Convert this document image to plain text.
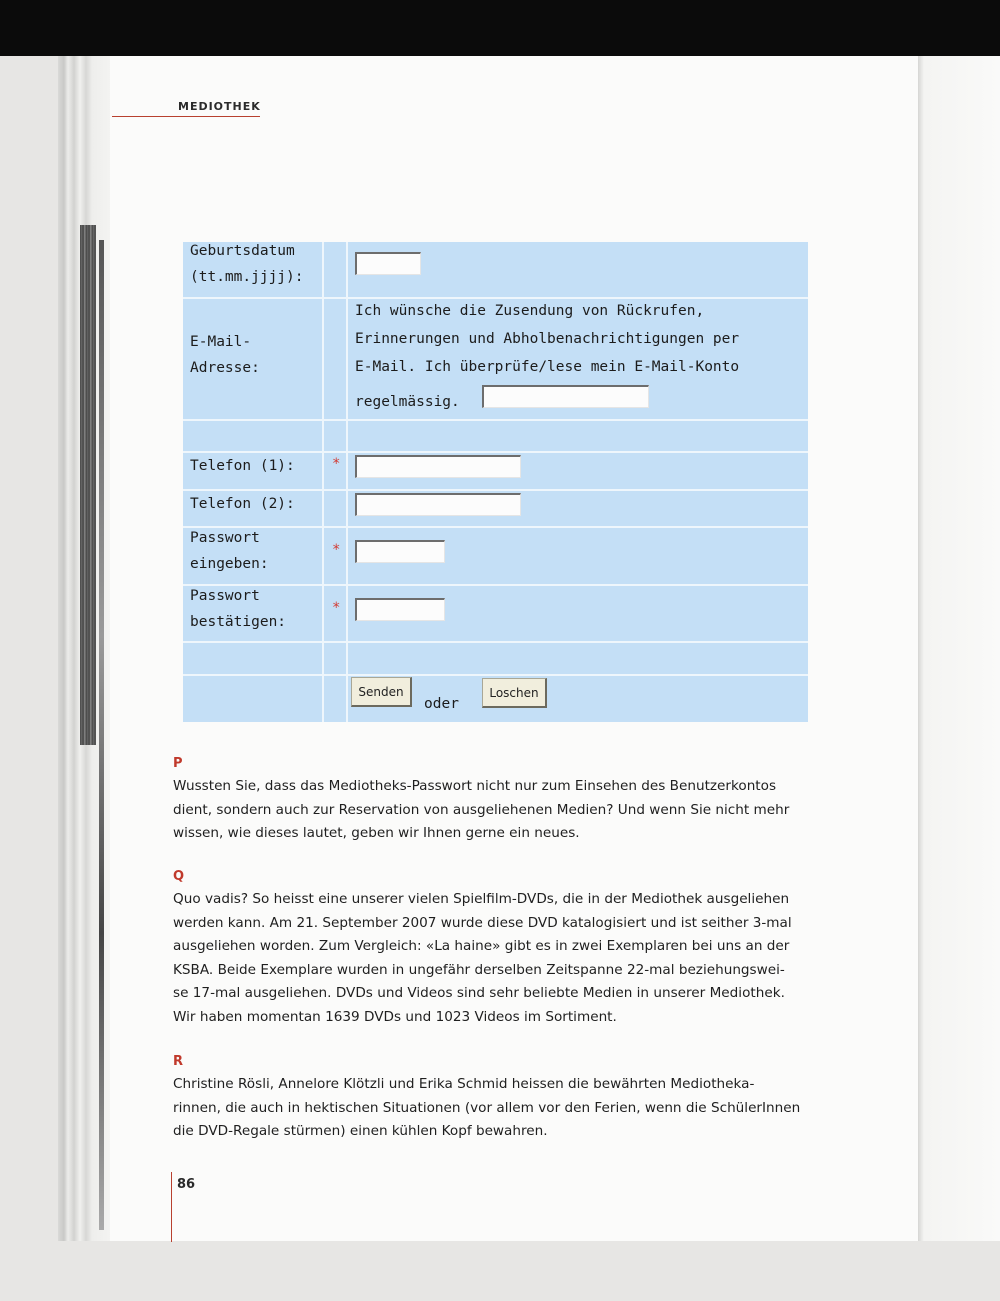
MEDIOTHEK
Geburtsdatum
(tt.mm.jjjj):
E-Mail-
Adresse:
Ich wünsche die Zusendung von Rückrufen,
Erinnerungen und Abholbenachrichtigungen per
E-Mail. Ich überprüfe/lese mein E-Mail-Konto
regelmässig.
Telefon (1):	*
Telefon (2):
Passwort
eingeben:
*
Passwort
bestätigen:
*
Senden
oder
Loschen
P
Wussten Sie, dass das Mediotheks-Passwort nicht nur zum Einsehen des Benutzerkontos
dient, sondern auch zur Reservation von ausgeliehenen Medien? Und wenn Sie nicht mehr
wissen, wie dieses lautet, geben wir Ihnen gerne ein neues.
Q
Quo vadis? So heisst eine unserer vielen Spielfilm-DVDs, die in der Mediothek ausgeliehen
werden kann. Am 21. September 2007 wurde diese DVD katalogisiert und ist seither 3-mal
ausgeliehen worden. Zum Vergleich: «La haine» gibt es in zwei Exemplaren bei uns an der
KSBA. Beide Exemplare wurden in ungefähr derselben Zeitspanne 22-mal beziehungswei-
se 17-mal ausgeliehen. DVDs und Videos sind sehr beliebte Medien in unserer Mediothek.
Wir haben momentan 1639 DVDs und 1023 Videos im Sortiment.
R
Christine Rösli, Annelore Klötzli und Erika Schmid heissen die bewährten Mediotheka-
rinnen, die auch in hektischen Situationen (vor allem vor den Ferien, wenn die SchülerInnen
die DVD-Regale stürmen) einen kühlen Kopf bewahren.
86
